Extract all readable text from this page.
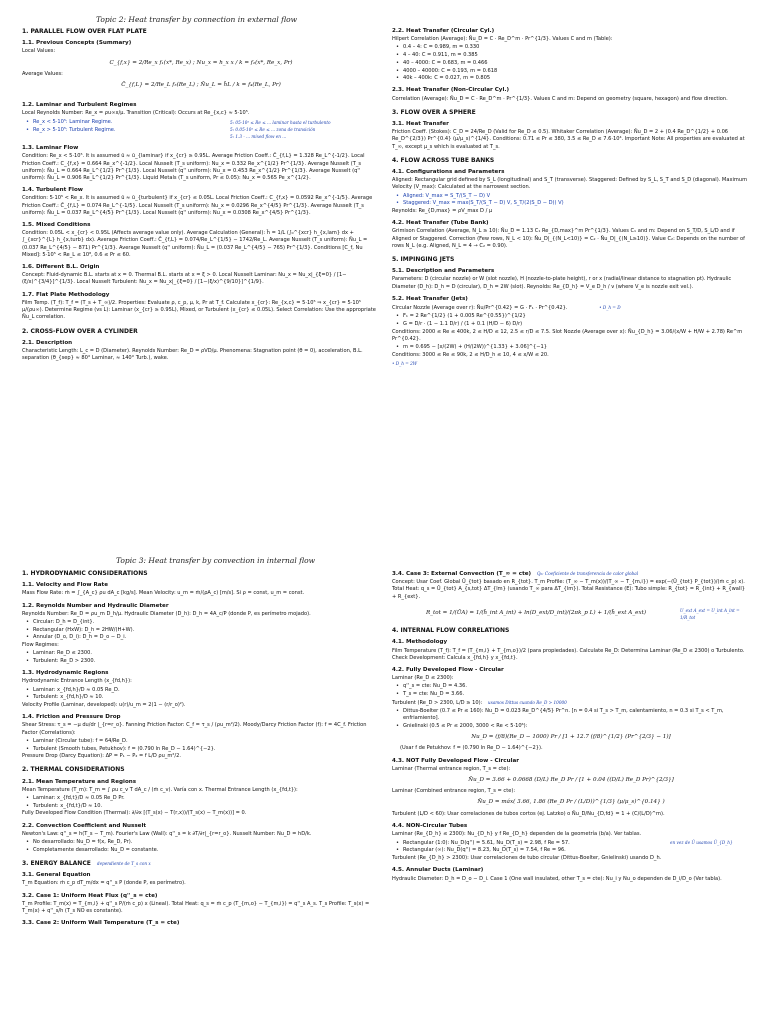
Topic 2: Heat transfer by connection in external flow
1. PARALLEL FLOW OVER FLAT PLATE
1.1. Previous Concepts (Summary)
Local Values:
C_{f,x} = 2/Re_x f₁(x*, Re_x) ; Nu_x = h_x x / k = f₂(x*, Re_x, Pr)
Average Values:
C̄_{f,L} = 2/Re_L f₃(Re_L) ; N̄u_L = h̄L / k = f₄(Re_L, Pr)
1.2. Laminar and Turbulent Regimes
Local Reynolds Number: Re_x = ρu∞x/μ. Transition (Critical): Occurs at Re_{x,c} ≈ 5·10⁵.
• Re_x < 5·10⁵: Laminar Regime.
• Re_x > 5·10⁵: Turbulent Regime.
5: 05·10⁵ ≤ Re ≤ ... laminar hasta el turbulento
5: 0.05·10⁵ ≤ Re ≤ ... zona de transición
5: 1.3 · ... mixed flow en ...
1.3. Laminar Flow
Condition: Re_x < 5·10⁵. It is assumed ū ≈ ū_{laminar} if x_{cr} ≥ 0.95L. Average Friction Coeff.: C̄_{f,L} = 1.328 Re_L^{-1/2}. Local Friction Coeff.: C_{f,x} = 0.664 Re_x^{-1/2}. Local Nusselt (T_s uniform): Nu_x = 0.332 Re_x^{1/2} Pr^{1/3}. Average Nusselt (T_s uniform): N̄u_L = 0.664 Re_L^{1/2} Pr^{1/3}. Local Nusselt (q'' uniform): Nu_x = 0.453 Re_x^{1/2} Pr^{1/3}. Average Nusselt (q'' uniform): N̄u_L = 0.906 Re_L^{1/2} Pr^{1/3}. Liquid Metals (T_s uniform, Pr ≤ 0.05): Nu_x = 0.565 Pe_x^{1/2}.
1.4. Turbulent Flow
Condition: 5·10⁵ < Re_x. It is assumed ū ≈ ū_{turbulent} if x_{cr} ≤ 0.05L. Local Friction Coeff.: C_{f,x} = 0.0592 Re_x^{-1/5}. Average Friction Coeff.: C̄_{f,L} = 0.074 Re_L^{-1/5}. Local Nusselt (T_s uniform): Nu_x = 0.0296 Re_x^{4/5} Pr^{1/3}. Average Nusselt (T_s uniform): N̄u_L = 0.037 Re_L^{4/5} Pr^{1/3}. Local Nusselt (q'' uniform): Nu_x = 0.0308 Re_x^{4/5} Pr^{1/3}.
1.5. Mixed Conditions
Condition: 0.05L < x_{cr} < 0.95L (Affects average value only). Average Calculation (General): h̄ = 1/L (∫₀^{xcr} h_{x,lam} dx + ∫_{xcr}^{L} h_{x,turb} dx). Average Friction Coeff.: C̄_{f,L} = 0.074/Re_L^{1/5} − 1742/Re_L. Average Nusselt (T_s uniform): N̄u_L = (0.037 Re_L^{4/5} − 871) Pr^{1/3}. Average Nusselt (q'' uniform): N̄u_L = (0.037 Re_L^{4/5} − 765) Pr^{1/3}. Conditions [C_f, Nu Mixed]: 5·10⁵ < Re_L ≤ 10⁸, 0.6 ≤ Pr ≤ 60.
1.6. Different B.L. Origin
Concept: Fluid-dynamic B.L. starts at x = 0. Thermal B.L. starts at x = ξ > 0. Local Nusselt Laminar: Nu_x = Nu_x|_{ξ=0} / [1−(ξ/x)^{3/4}]^{1/3}. Local Nusselt Turbulent: Nu_x = Nu_x|_{ξ=0} / [1−(ξ/x)^{9/10}]^{1/9}.
1.7. Flat Plate Methodology
Film Temp. (T_f): T_f = (T_s + T_∞)/2. Properties: Evaluate ρ, c_p, μ, k, Pr at T_f. Calculate x_{cr}: Re_{x,c} = 5·10⁵ ⇒ x_{cr} = 5·10⁵ μ/(ρu∞). Determine Regime (vs L): Laminar (x_{cr} ≥ 0.95L), Mixed, or Turbulent (x_{cr} ≤ 0.05L). Select Correlation: Use the appropriate N̄u_L correlation.
2. CROSS-FLOW OVER A CYLINDER
2.1. Description
Characteristic Length: L_c = D (Diameter). Reynolds Number: Re_D = ρVD/μ. Phenomena: Stagnation point (θ = 0), acceleration, B.L. separation (θ_{sep} ≈ 80° Laminar, ≈ 140° Turb.), wake.
2.2. Heat Transfer (Circular Cyl.)
Hilpert Correlation (Average): N̄u_D = C · Re_D^m · Pr^{1/3}. Values C and m (Table):
• 0.4 – 4: C = 0.989, m = 0.330
• 4 – 40: C = 0.911, m = 0.385
• 40 – 4000: C = 0.683, m = 0.466
• 4000 – 40000: C = 0.193, m = 0.618
• 40k – 400k: C = 0.027, m = 0.805
2.3. Heat Transfer (Non-Circular Cyl.)
Correlation (Average): N̄u_D = C · Re_D^m · Pr^{1/3}. Values C and m: Depend on geometry (square, hexagon) and flow direction.
3. FLOW OVER A SPHERE
3.1. Heat Transfer
Friction Coeff. (Stokes): C_D = 24/Re_D (Valid for Re_D ≤ 0.5). Whitaker Correlation (Average): N̄u_D = 2 + (0.4 Re_D^{1/2} + 0.06 Re_D^{2/3}) Pr^{0.4} (μ/μ_s)^{1/4}. Conditions: 0.71 ≤ Pr ≤ 380, 3.5 ≤ Re_D ≤ 7.6·10⁴. Important Note: All properties are evaluated at T_∞, except μ_s which is evaluated at T_s.
4. FLOW ACROSS TUBE BANKS
4.1. Configurations and Parameters
Aligned: Rectangular grid defined by S_L (longitudinal) and S_T (transverse). Staggered: Defined by S_L, S_T and S_D (diagonal). Maximum Velocity (V_max): Calculated at the narrowest section.
• Aligned: V_max = S_T/(S_T − D) V
• Staggered: V_max = max(S_T/(S_T − D) V, S_T/(2(S_D − D)) V)
Reynolds: Re_{D,max} = ρV_max D / μ
4.2. Heat Transfer (Tube Bank)
Grimison Correlation (Average, N_L ≥ 10): N̄u_D = 1.13 C₁ Re_{D,max}^m Pr^{1/3}. Values C₁ and m: Depend on S_T/D, S_L/D and if Aligned or Staggered. Correction (Few rows, N_L < 10): N̄u_D|_{(N_L<10)} = C₂ · N̄u_D|_{(N_L≥10)}. Value C₂: Depends on the number of rows N_L (e.g. Aligned, N_L = 4 → C₂ = 0.90).
5. IMPINGING JETS
5.1. Description and Parameters
Parameters: D (circular nozzle) or W (slot nozzle), H (nozzle-to-plate height), r or x (radial/linear distance to stagnation pt). Hydraulic Diameter (D_h): D_h = D (circular), D_h = 2W (slot). Reynolds: Re_{D_h} = V_e D_h / ν (where V_e is nozzle exit vel.).
5.2. Heat Transfer (Jets)
Circular Nozzle (Average over r): N̄u/Pr^{0.42} = G · F₁ · Pr^{0.42}.	• D_h = D
• F₁ = 2 Re^{1/2} (1 + 0.005 Re^{0.55})^{1/2}
• G = D/r · (1 − 1.1 D/r) / (1 + 0.1 (H/D − 6) D/r)
Conditions: 2000 ≤ Re ≤ 400k, 2 ≤ H/D ≤ 12, 2.5 ≤ r/D ≤ 7.5. Slot Nozzle (Average over x): N̄u_{D_h} = 3.06/(x/W + H/W + 2.78) Re^m Pr^{0.42}.
• m = 0.695 − [x/(2W) + (H/(2W))^{1.33} + 3.06]^{−1}
Conditions: 3000 ≤ Re ≤ 90k, 2 ≤ H/D_h ≤ 10, 4 ≤ x/W ≤ 20.
• D_h = 2W
Topic 3: Heat transfer by convection in internal flow
1. HYDRODYNAMIC CONSIDERATIONS
1.1. Velocity and Flow Rate
Mass Flow Rate: ṁ = ∫_{A_c} ρu dA_c [kg/s]. Mean Velocity: u_m = ṁ/(ρA_c) [m/s]. Si ρ = const, u_m = const.
1.2. Reynolds Number and Hydraulic Diameter
Reynolds Number: Re_D = ρu_m D_h/μ. Hydraulic Diameter (D_h): D_h = 4A_c/P (donde P, es perímetro mojado).
• Circular: D_h = D_{int}.
• Rectangular (HxW): D_h = 2HW/(H+W).
• Annular (D_o, D_i): D_h = D_o − D_i.
Flow Regimes:
• Laminar: Re_D ≤ 2300.
• Turbulent: Re_D > 2300.
1.3. Hydrodynamic Regions
Hydrodynamic Entrance Length (x_{fd,h}):
• Laminar: x_{fd,h}/D ≈ 0.05 Re_D.
• Turbulent: x_{fd,h}/D ≈ 10.
Velocity Profile (Laminar, developed): u(r)/u_m = 2(1 − (r/r_o)²).
1.4. Friction and Pressure Drop
Shear Stress: τ_s = −μ du/dr |_{r=r_o}. Fanning Friction Factor: C_f = τ_s / (ρu_m²/2). Moody/Darcy Friction Factor (f): f = 4C_f. Friction Factor (Correlations):
• Laminar (Circular tube): f = 64/Re_D.
• Turbulent (Smooth tubes, Petukhov): f = (0.790 ln Re_D − 1.64)^{−2}.
Pressure Drop (Darcy Equation): ΔP = P₁ − P₂ = f L/D ρu_m²/2.
2. THERMAL CONSIDERATIONS
2.1. Mean Temperature and Regions
Mean Temperature (T_m): T_m = ∫ ρu c_v T dA_c / (ṁ c_v). Varía con x. Thermal Entrance Length (x_{fd,t}):
• Laminar: x_{fd,t}/D ≈ 0.05 Re_D Pr.
• Turbulent: x_{fd,t}/D ≈ 10.
Fully Developed Flow Condition (Thermal): ∂/∂x [(T_s(x) − T(r,x))/(T_s(x) − T_m(x))] = 0.
2.2. Convection Coefficient and Nusselt
Newton's Law: q''_s = h(T_s − T_m). Fourier's Law (Wall): q''_s = k ∂T/∂r|_{r=r_o}. Nusselt Number: Nu_D = hD/k.
• No desarrollado: Nu_D = f(x, Re_D, Pr).
• Completamente desarrollado: Nu_D = constante.
3. ENERGY BALANCE dependiente de T_s con x
3.1. General Equation
T_m Equation: ṁ c_p dT_m/dx = q''_s P (donde P, es perímetro).
3.2. Case 1: Uniform Heat Flux (q''_s = cte)
T_m Profile: T_m(x) = T_{m,i} + q''_s P/(ṁ c_p) x (Lineal). Total Heat: q_s = ṁ c_p (T_{m,o} − T_{m,i}) = q''_s A_s. T_s Profile: T_s(x) = T_m(x) + q''_s/h (T_s NO es constante).
3.3. Case 2: Uniform Wall Temperature (T_s = cte)
3.4. Case 3: External Convection (T_∞ = cte) Q₀: Coeficiente de transferencia de calor global
Concept: Usar Coef. Global Ū_{tot} basado en R_{tot}. T_m Profile: (T_∞ − T_m(x))/(T_∞ − T_{m,i}) = exp(−(Ū_{tot} P_{tot})/(ṁ c_p) x). Total Heat: q_s = Ū_{tot} A_{s,tot} ΔT_{lm} (usando T_∞ para ΔT_{lm}). Total Resistance (E): Tubo simple: R_{tot} = R_{int} + R_{wall} + R_{ext}.
R_tot = 1/(ŪA) = 1/(h̄_int A_int) + ln(D_ext/D_int)/(2πk_p L) + 1/(h̄_ext A_ext)
U_ext A_ext = U_int A_int = 1/R_tot
4. INTERNAL FLOW CORRELATIONS
4.1. Methodology
Film Temperature (T_f): T_f = (T_{m,i} + T_{m,o})/2 (para propiedades). Calculate Re_D: Determina Laminar (Re_D ≤ 2300) o Turbulento. Check Development: Calcula x_{fd,h} y x_{fd,t}.
4.2. Fully Developed Flow - Circular
Laminar (Re_D ≤ 2300):
• q''_s = cte: Nu_D = 4.36.
• T_s = cte: Nu_D = 3.66.
Turbulent (Re_D > 2300, L/D ≥ 10): usamos Dittus cuando Re_D > 10000
• Dittus-Boelter (0.7 ≤ Pr ≤ 160): Nu_D = 0.023 Re_D^{4/5} Pr^n. [n = 0.4 si T_s > T_m, calentamiento, n = 0.3 si T_s < T_m, enfriamiento].
• Gnielinski (0.5 ≤ Pr ≤ 2000, 3000 < Re < 5·10⁶):
Nu_D = (f/8)(Re_D − 1000) Pr / [1 + 12.7 (f/8)^{1/2} (Pr^{2/3} − 1)]
(Usar f de Petukhov: f = (0.790 ln Re_D − 1.64)^{−2}).
4.3. NOT Fully Developed Flow - Circular
Laminar (Thermal entrance region, T_s = cte):
N̄u_D = 3.66 + 0.0668 (D/L) Re_D Pr / [1 + 0.04 ((D/L) Re_D Pr)^{2/3}]
Laminar (Combined entrance region, T_s = cte):
N̄u_D = máx( 3.66, 1.86 (Re_D Pr / (L/D))^{1/3} (μ/μ_s)^{0.14} )
Turbulent (L/D < 60): Usar correlaciones de tubos cortos (ej. Latzko) o N̄u_D/Nu_{D,fd} = 1 + (C/(L/D)^m).
4.4. NON-Circular Tubes
Laminar (Re_{D_h} ≤ 2300): Nu_{D_h} y f Re_{D_h} dependen de la geometría (b/a). Ver tablas.
• Rectangular (1:0): Nu_D(q'') = 5.61, Nu_D(T_s) = 2.98, f Re = 57.
• Rectangular (∞): Nu_D(q'') = 8.23, Nu_D(T_s) = 7.54, f Re = 96.
en vez de Ū usamos Ū_{D_h}
Turbulent (Re_{D_h} > 2300): Usar correlaciones de tubo circular (Dittus-Boelter, Gnielinski) usando D_h.
4.5. Annular Ducts (Laminar)
Hydraulic Diameter: D_h = D_o − D_i. Case 1 (One wall insulated, other T_s = cte): Nu_i y Nu_o dependen de D_i/D_o (Ver tabla).
